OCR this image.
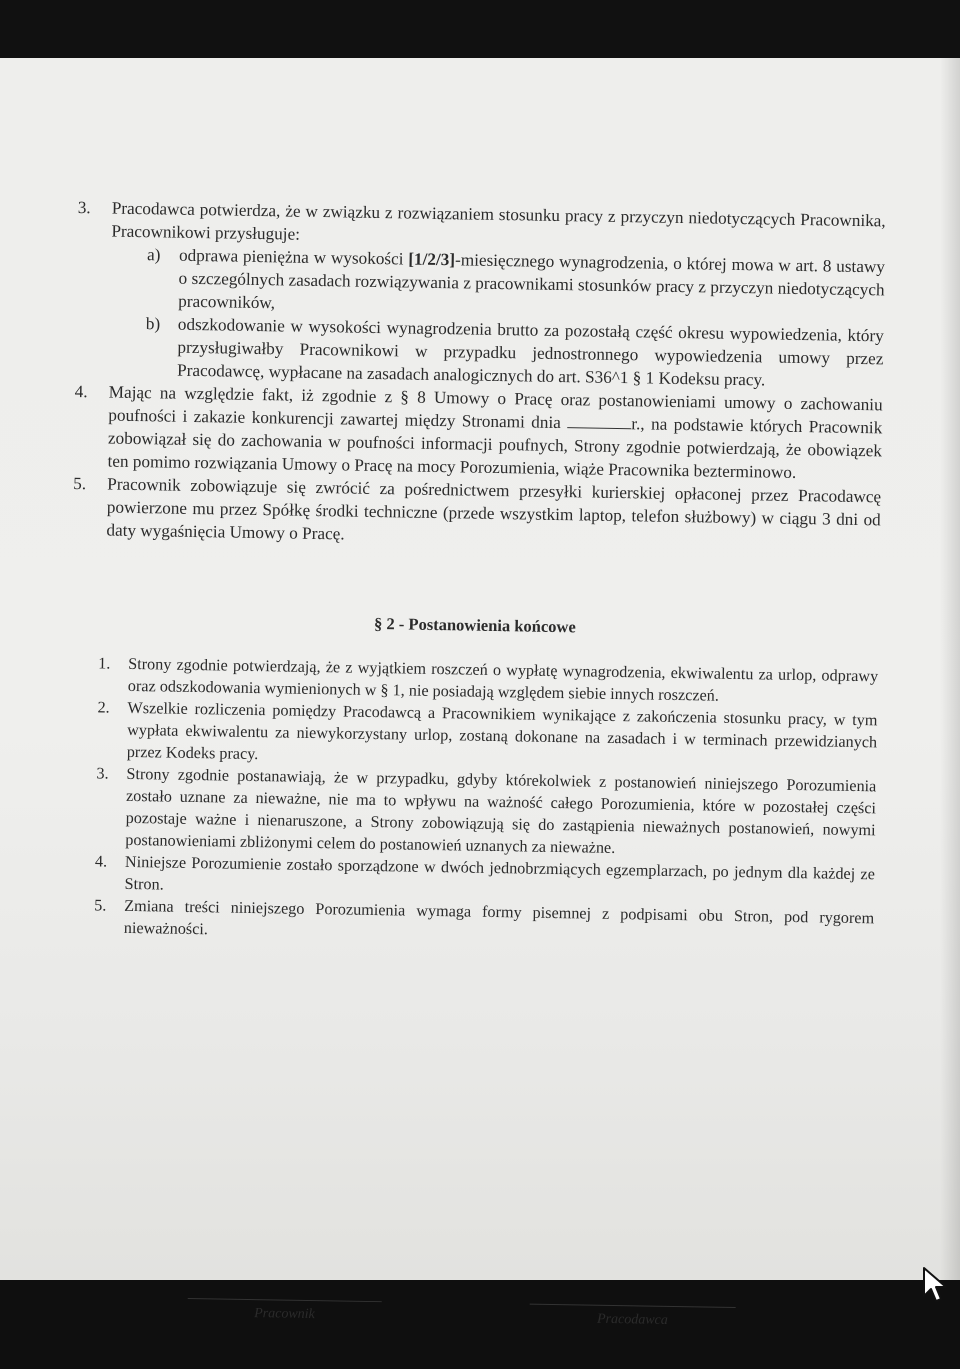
3. Pracodawca potwierdza, że w związku z rozwiązaniem stosunku pracy z przyczyn niedotyczących Pracownika, Pracownikowi przysługuje:
a) odprawa pieniężna w wysokości [1/2/3]-miesięcznego wynagrodzenia, o której mowa w art. 8 ustawy o szczególnych zasadach rozwiązywania z pracownikami stosunków pracy z przyczyn niedotyczących pracowników,
b) odszkodowanie w wysokości wynagrodzenia brutto za pozostałą część okresu wypowiedzenia, który przysługiwałby Pracownikowi w przypadku jednostronnego wypowiedzenia umowy przez Pracodawcę, wypłacane na zasadach analogicznych do art. S36^1 § 1 Kodeksu pracy.
4. Mając na względzie fakt, iż zgodnie z § 8 Umowy o Pracę oraz postanowieniami umowy o zachowaniu poufności i zakazie konkurencji zawartej między Stronami dnia	r., na podstawie których Pracownik zobowiązał się do zachowania w poufności informacji poufnych, Strony zgodnie potwierdzają, że obowiązek ten pomimo rozwiązania Umowy o Pracę na mocy Porozumienia, wiąże Pracownika bezterminowo.
5. Pracownik zobowiązuje się zwrócić za pośrednictwem przesyłki kurierskiej opłaconej przez Pracodawcę powierzone mu przez Spółkę środki techniczne (przede wszystkim laptop, telefon służbowy) w ciągu 3 dni od daty wygaśnięcia Umowy o Pracę.
§ 2 - Postanowienia końcowe
1. Strony zgodnie potwierdzają, że z wyjątkiem roszczeń o wypłatę wynagrodzenia, ekwiwalentu za urlop, odprawy oraz odszkodowania wymienionych w § 1, nie posiadają względem siebie innych roszczeń.
2. Wszelkie rozliczenia pomiędzy Pracodawcą a Pracownikiem wynikające z zakończenia stosunku pracy, w tym wypłata ekwiwalentu za niewykorzystany urlop, zostaną dokonane na zasadach i w terminach przewidzianych przez Kodeks pracy.
3. Strony zgodnie postanawiają, że w przypadku, gdyby którekolwiek z postanowień niniejszego Porozumienia zostało uznane za nieważne, nie ma to wpływu na ważność całego Porozumienia, które w pozostałej części pozostaje ważne i nienaruszone, a Strony zobowiązują się do zastąpienia nieważnych postanowień, nowymi postanowieniami zbliżonymi celem do postanowień uznanych za nieważne.
4. Niniejsze Porozumienie zostało sporządzone w dwóch jednobrzmiących egzemplarzach, po jednym dla każdej ze Stron.
5. Zmiana treści niniejszego Porozumienia wymaga formy pisemnej z podpisami obu Stron, pod rygorem nieważności.
Pracownik	Pracodawca
